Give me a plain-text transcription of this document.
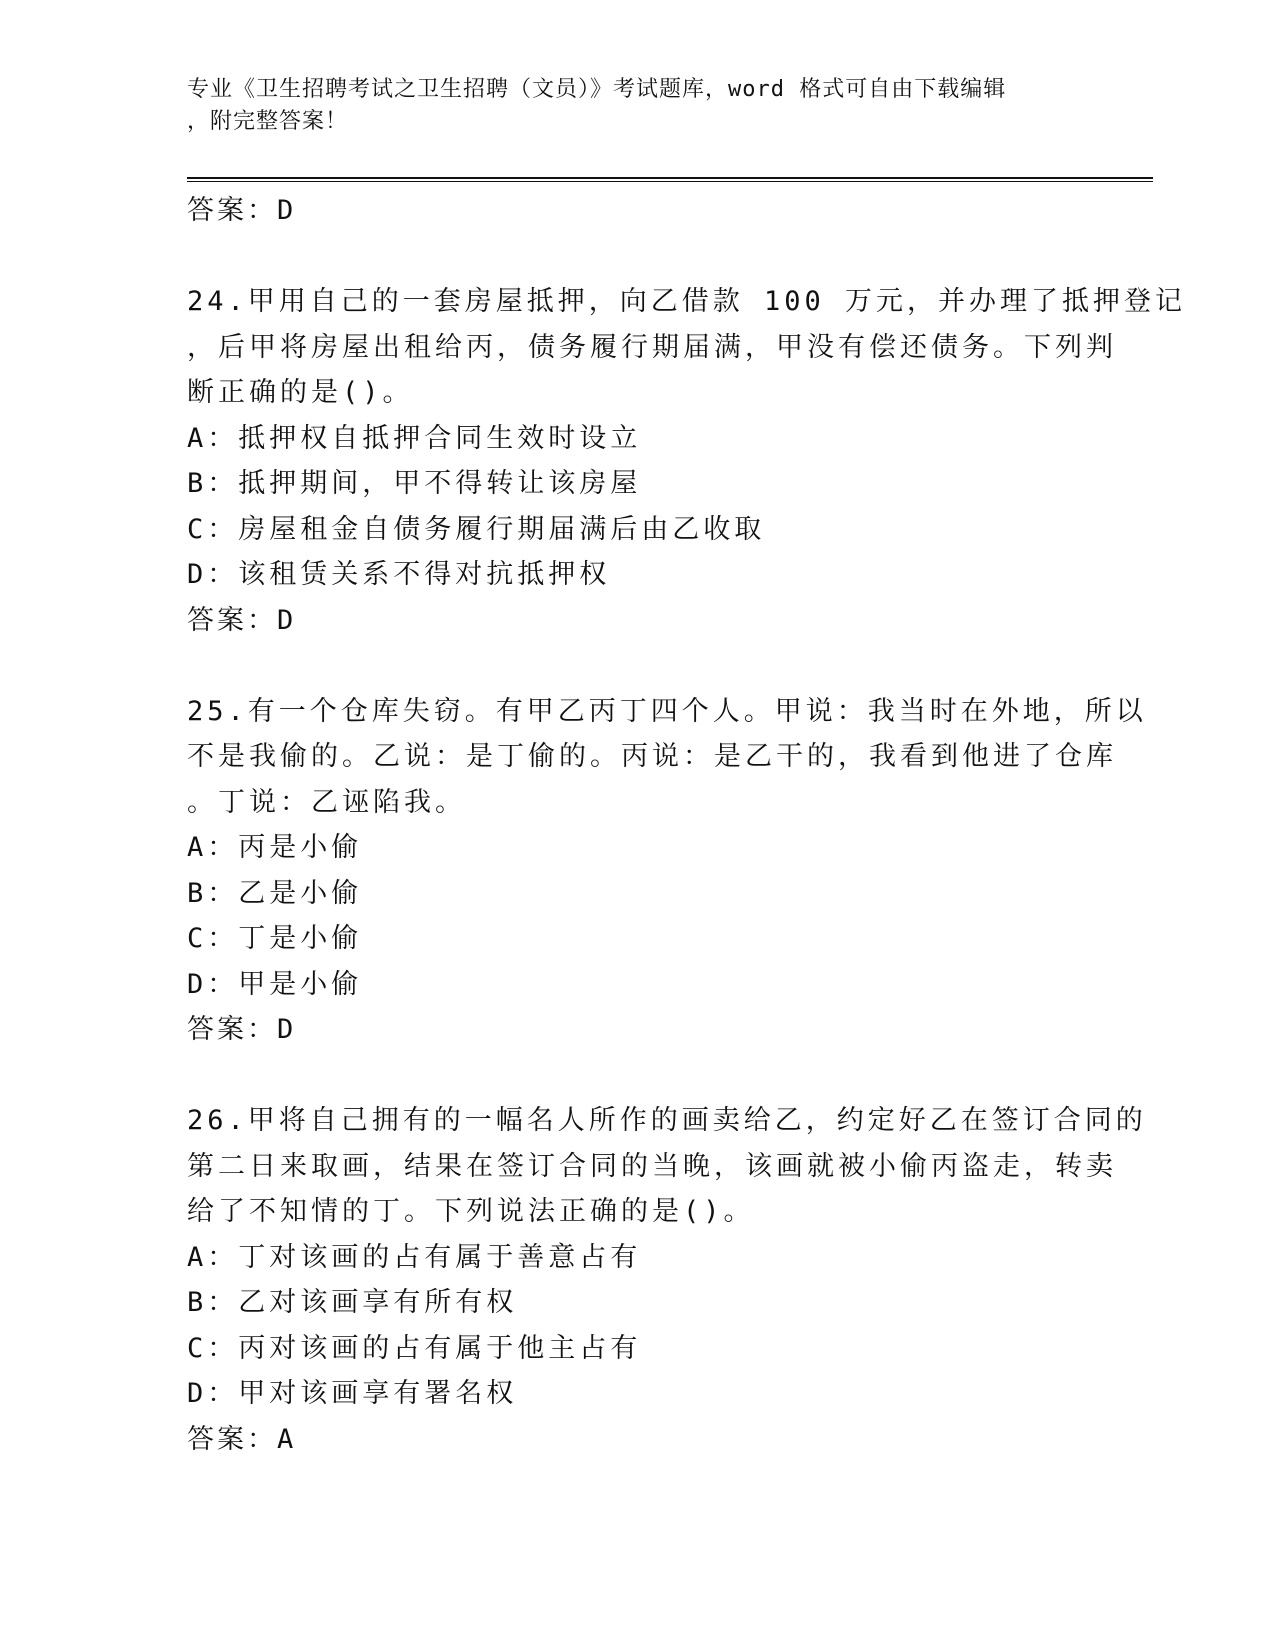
专业《卫生招聘考试之卫生招聘（文员）》考试题库，word 格式可自由下载编辑
，附完整答案！
答案：D
24.甲用自己的一套房屋抵押，向乙借款 100 万元，并办理了抵押登记
，后甲将房屋出租给丙，债务履行期届满，甲没有偿还债务。下列判
断正确的是()。
A：抵押权自抵押合同生效时设立
B：抵押期间，甲不得转让该房屋
C：房屋租金自债务履行期届满后由乙收取
D：该租赁关系不得对抗抵押权
答案：D
25.有一个仓库失窃。有甲乙丙丁四个人。甲说：我当时在外地，所以
不是我偷的。乙说：是丁偷的。丙说：是乙干的，我看到他进了仓库
。丁说：乙诬陷我。
A：丙是小偷
B：乙是小偷
C：丁是小偷
D：甲是小偷
答案：D
26.甲将自己拥有的一幅名人所作的画卖给乙，约定好乙在签订合同的
第二日来取画，结果在签订合同的当晚，该画就被小偷丙盗走，转卖
给了不知情的丁。下列说法正确的是()。
A：丁对该画的占有属于善意占有
B：乙对该画享有所有权
C：丙对该画的占有属于他主占有
D：甲对该画享有署名权
答案：A
